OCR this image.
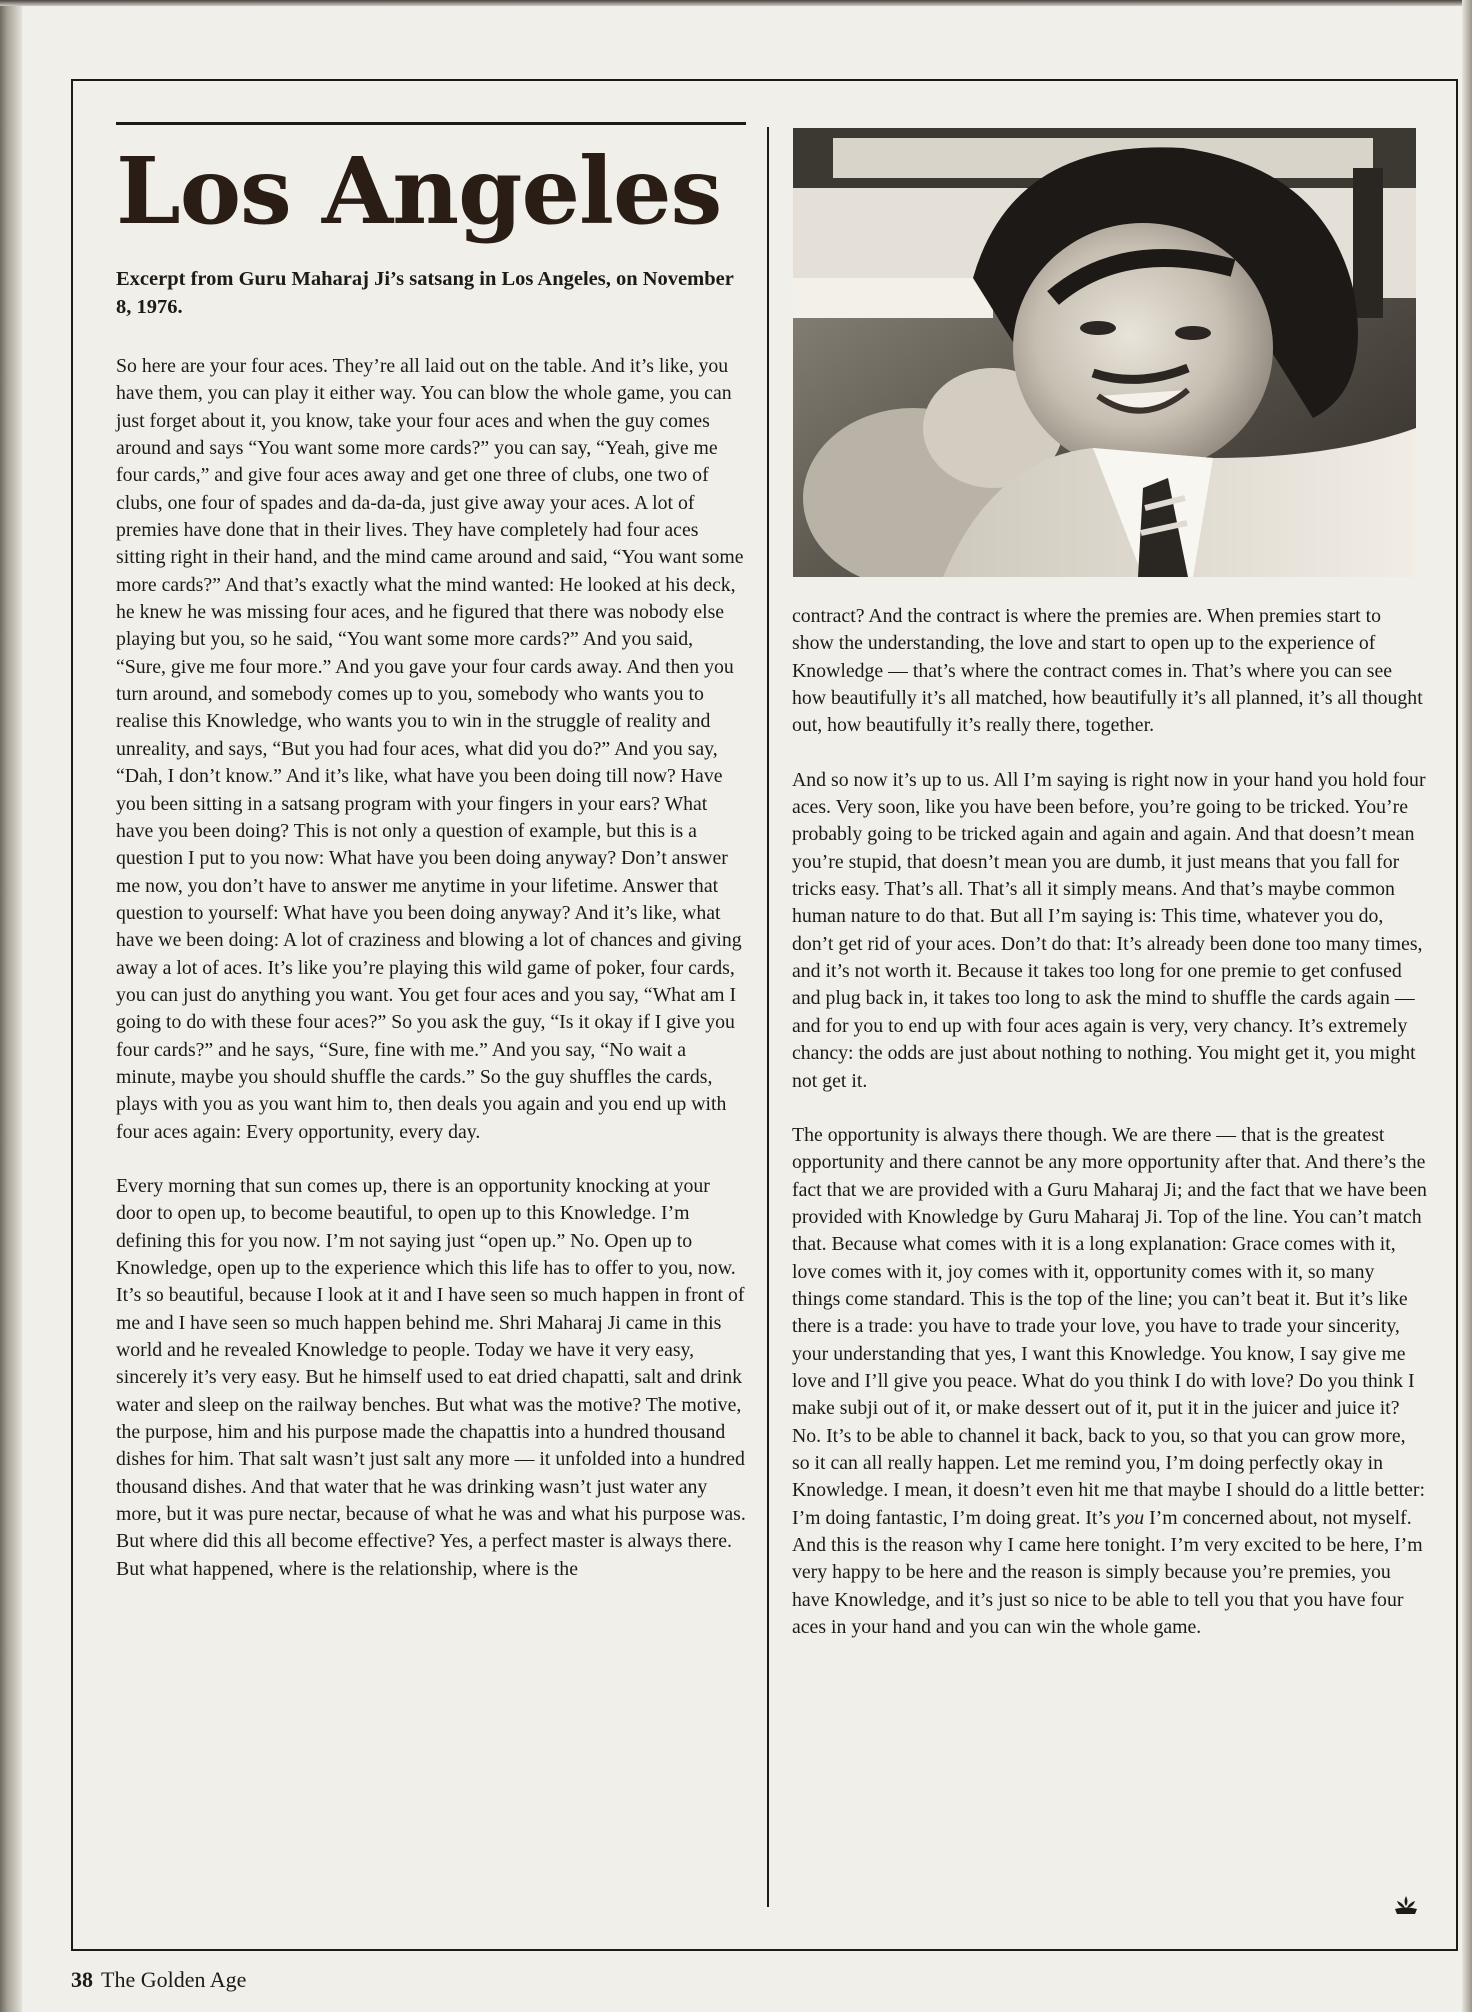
Los Angeles

Excerpt from Guru Maharaj Ji’s satsang in Los Angeles, on November 8, 1976.

So here are your four aces. They’re all laid out on the table. And it’s like, you have them, you can play it either way. You can blow the whole game, you can just forget about it, you know, take your four aces and when the guy comes around and says “You want some more cards?” you can say, “Yeah, give me four cards,” and give four aces away and get one three of clubs, one two of clubs, one four of spades and da-da-da, just give away your aces. A lot of premies have done that in their lives. They have completely had four aces sitting right in their hand, and the mind came around and said, “You want some more cards?” And that’s exactly what the mind wanted: He looked at his deck, he knew he was missing four aces, and he figured that there was nobody else playing but you, so he said, “You want some more cards?” And you said, “Sure, give me four more.” And you gave your four cards away. And then you turn around, and somebody comes up to you, somebody who wants you to realise this Knowledge, who wants you to win in the struggle of reality and unreality, and says, “But you had four aces, what did you do?” And you say, “Dah, I don’t know.” And it’s like, what have you been doing till now? Have you been sitting in a satsang program with your fingers in your ears? What have you been doing? This is not only a question of example, but this is a question I put to you now: What have you been doing anyway? Don’t answer me now, you don’t have to answer me anytime in your lifetime. Answer that question to yourself: What have you been doing anyway? And it’s like, what have we been doing: A lot of craziness and blowing a lot of chances and giving away a lot of aces. It’s like you’re playing this wild game of poker, four cards, you can just do anything you want. You get four aces and you say, “What am I going to do with these four aces?” So you ask the guy, “Is it okay if I give you four cards?” and he says, “Sure, fine with me.” And you say, “No wait a minute, maybe you should shuffle the cards.” So the guy shuffles the cards, plays with you as you want him to, then deals you again and you end up with four aces again: Every opportunity, every day.

Every morning that sun comes up, there is an opportunity knocking at your door to open up, to become beautiful, to open up to this Knowledge. I’m defining this for you now. I’m not saying just “open up.” No. Open up to Knowledge, open up to the experience which this life has to offer to you, now. It’s so beautiful, because I look at it and I have seen so much happen in front of me and I have seen so much happen behind me. Shri Maharaj Ji came in this world and he revealed Knowledge to people. Today we have it very easy, sincerely it’s very easy. But he himself used to eat dried chapatti, salt and drink water and sleep on the railway benches. But what was the motive? The motive, the purpose, him and his purpose made the chapattis into a hundred thousand dishes for him. That salt wasn’t just salt any more — it unfolded into a hundred thousand dishes. And that water that he was drinking wasn’t just water any more, but it was pure nectar, because of what he was and what his purpose was. But where did this all become effective? Yes, a perfect master is always there. But what happened, where is the relationship, where is the

contract? And the contract is where the premies are. When premies start to show the understanding, the love and start to open up to the experience of Knowledge — that’s where the contract comes in. That’s where you can see how beautifully it’s all matched, how beautifully it’s all planned, it’s all thought out, how beautifully it’s really there, together.

And so now it’s up to us. All I’m saying is right now in your hand you hold four aces. Very soon, like you have been before, you’re going to be tricked. You’re probably going to be tricked again and again and again. And that doesn’t mean you’re stupid, that doesn’t mean you are dumb, it just means that you fall for tricks easy. That’s all. That’s all it simply means. And that’s maybe common human nature to do that. But all I’m saying is: This time, whatever you do, don’t get rid of your aces. Don’t do that: It’s already been done too many times, and it’s not worth it. Because it takes too long for one premie to get confused and plug back in, it takes too long to ask the mind to shuffle the cards again — and for you to end up with four aces again is very, very chancy. It’s extremely chancy: the odds are just about nothing to nothing. You might get it, you might not get it.

The opportunity is always there though. We are there — that is the greatest opportunity and there cannot be any more opportunity after that. And there’s the fact that we are provided with a Guru Maharaj Ji; and the fact that we have been provided with Knowledge by Guru Maharaj Ji. Top of the line. You can’t match that. Because what comes with it is a long explanation: Grace comes with it, love comes with it, joy comes with it, opportunity comes with it, so many things come standard. This is the top of the line; you can’t beat it. But it’s like there is a trade: you have to trade your love, you have to trade your sincerity, your understanding that yes, I want this Knowledge. You know, I say give me love and I’ll give you peace. What do you think I do with love? Do you think I make subji out of it, or make dessert out of it, put it in the juicer and juice it? No. It’s to be able to channel it back, back to you, so that you can grow more, so it can all really happen. Let me remind you, I’m doing perfectly okay in Knowledge. I mean, it doesn’t even hit me that maybe I should do a little better: I’m doing fantastic, I’m doing great. It’s you I’m concerned about, not myself. And this is the reason why I came here tonight. I’m very excited to be here, I’m very happy to be here and the reason is simply because you’re premies, you have Knowledge, and it’s just so nice to be able to tell you that you have four aces in your hand and you can win the whole game.

38 The Golden Age
